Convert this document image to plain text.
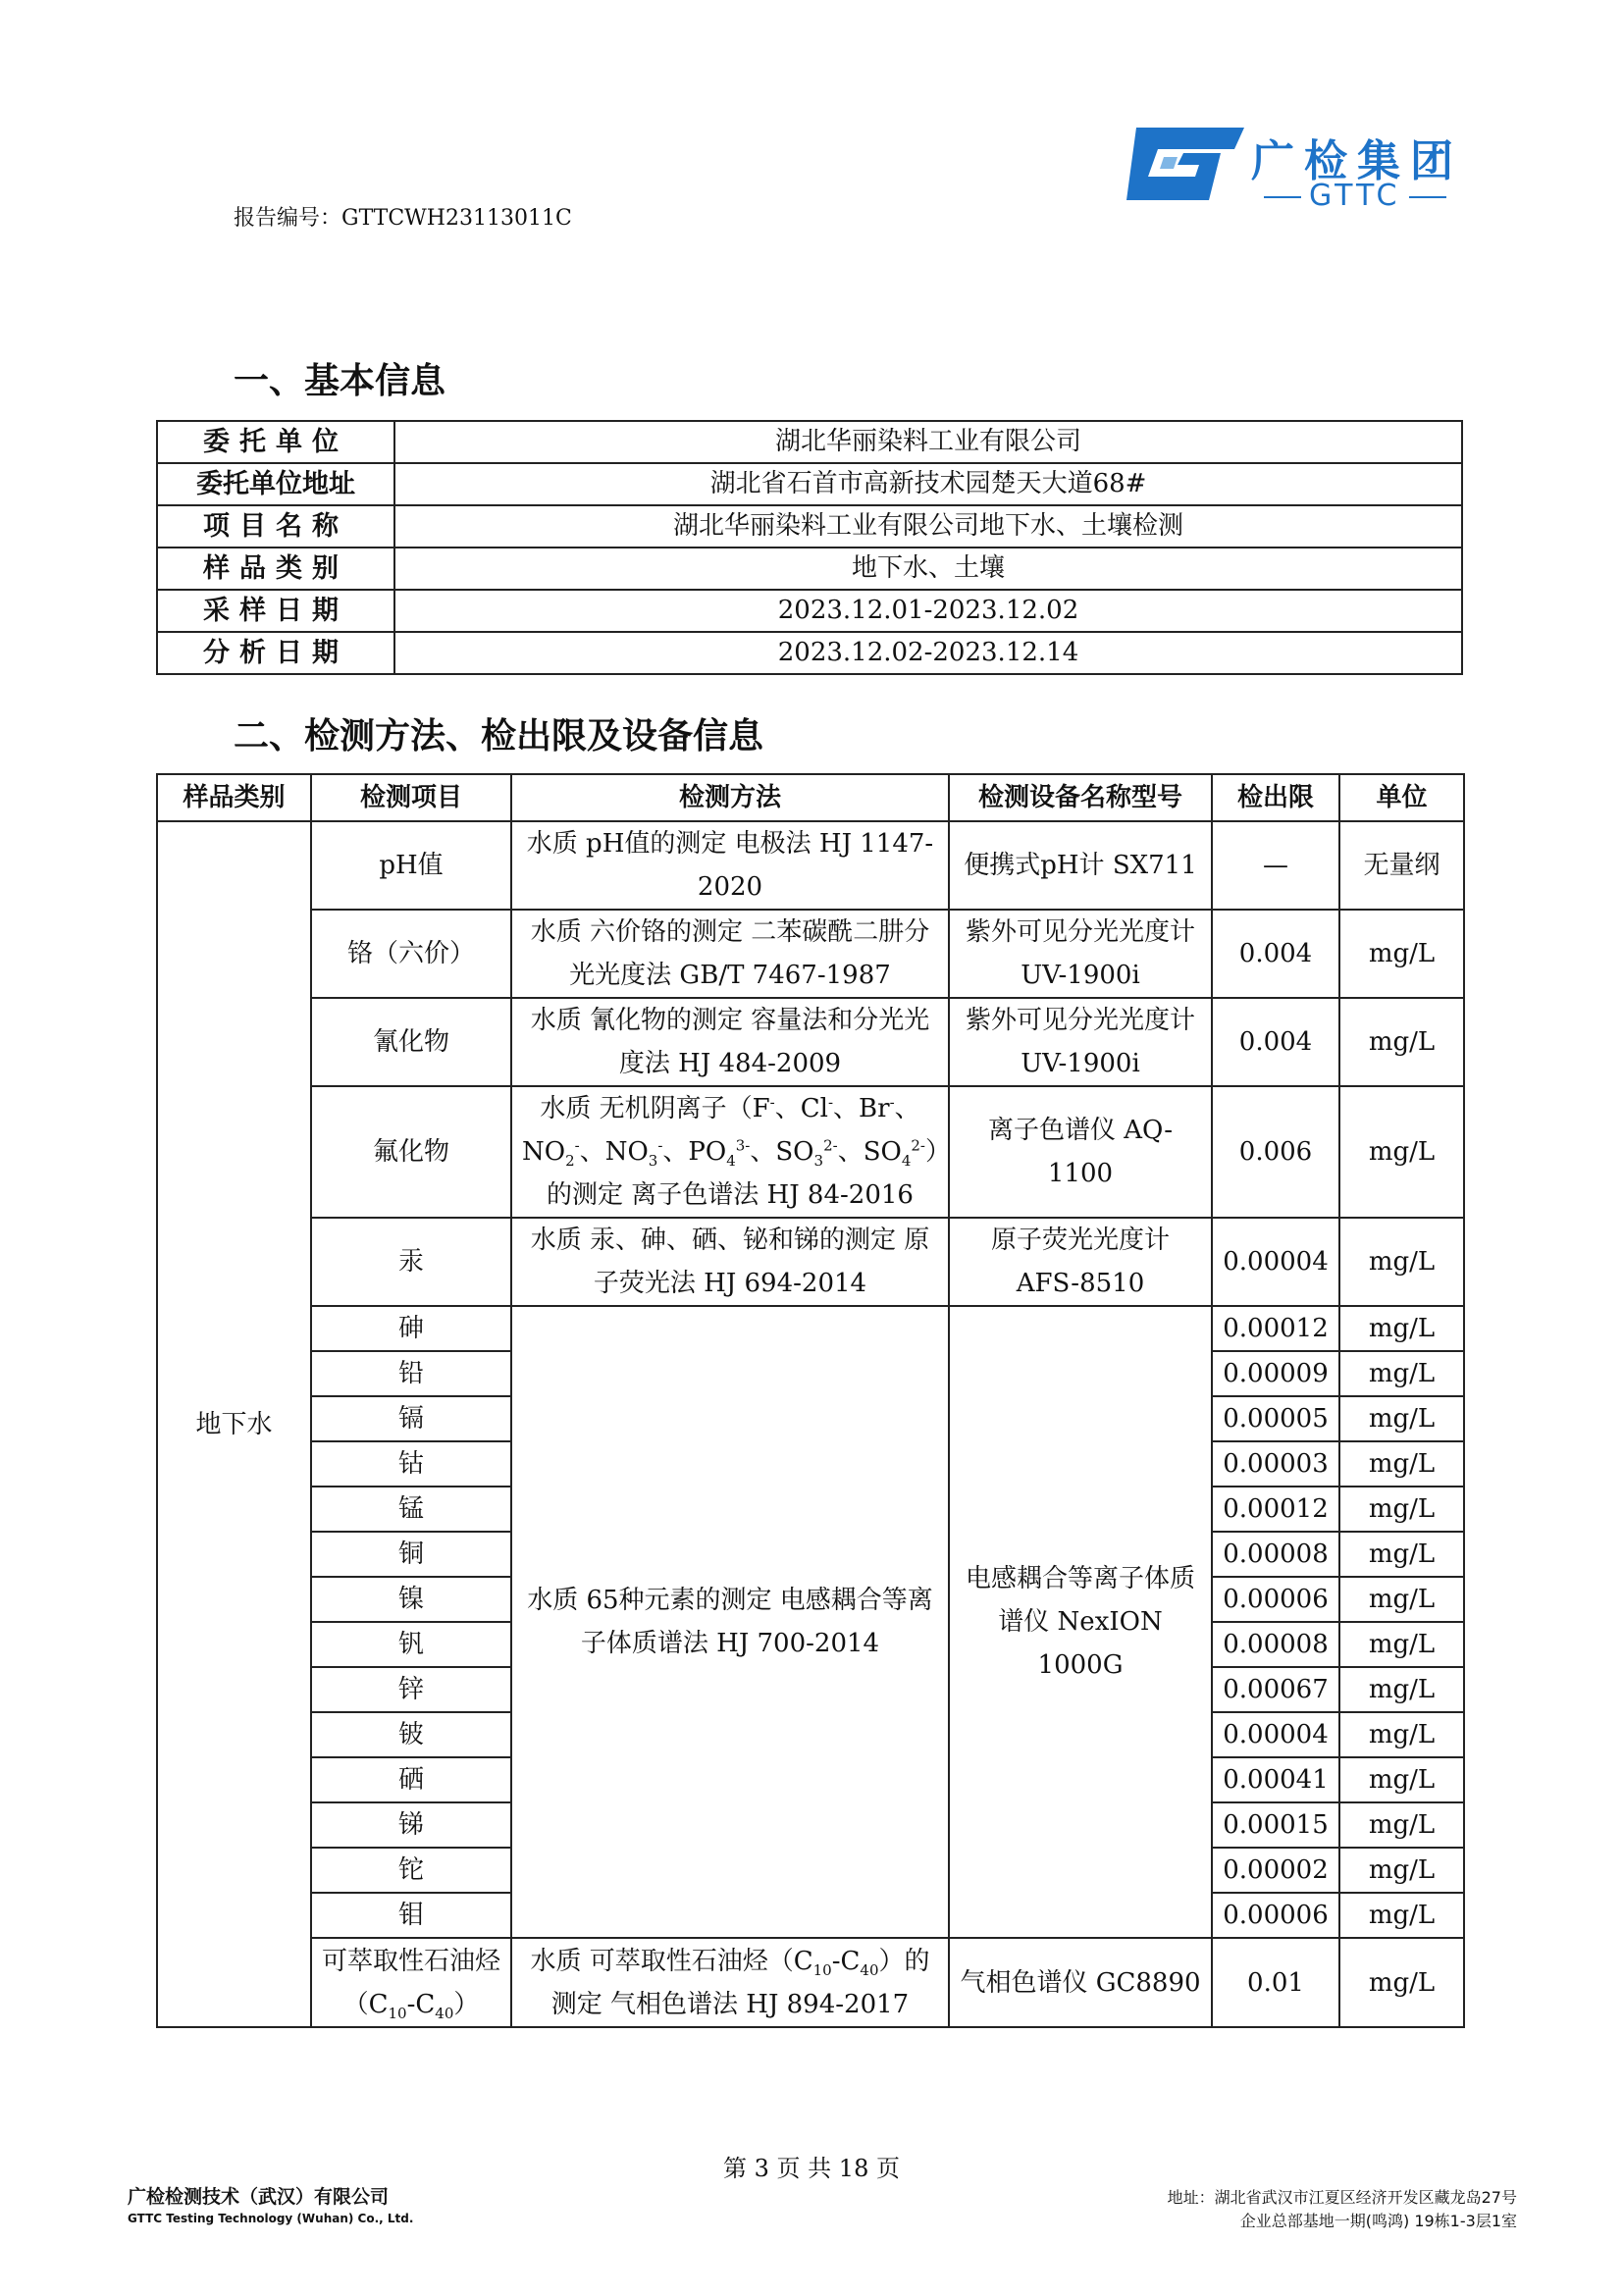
广检集团
GTTC
报告编号：GTTCWH23113011C
一、基本信息
委托单位	湖北华丽染料工业有限公司
委托单位地址	湖北省石首市高新技术园楚天大道68#
项目名称	湖北华丽染料工业有限公司地下水、土壤检测
样品类别	地下水、土壤
采样日期	2023.12.01-2023.12.02
分析日期	2023.12.02-2023.12.14
二、检测方法、检出限及设备信息
样品类别	检测项目	检测方法	检测设备名称型号	检出限	单位
地下水	pH值	水质 pH值的测定 电极法 HJ 1147-2020	便携式pH计 SX711	—	无量纲
	铬（六价）	水质 六价铬的测定 二苯碳酰二肼分光光度法 GB/T 7467-1987	紫外可见分光光度计 UV-1900i	0.004	mg/L
	氰化物	水质 氰化物的测定 容量法和分光光度法 HJ 484-2009	紫外可见分光光度计 UV-1900i	0.004	mg/L
	氟化物	水质 无机阴离子（F-、Cl-、Br-、$NO_2^-$、$NO_3^-$、$PO_4^{3-}$、$SO_3^{2-}$、$SO_4^{2-}$）的测定 离子色谱法 HJ 84-2016	离子色谱仪 AQ-1100	0.006	mg/L
	汞	水质 汞、砷、硒、铋和锑的测定 原子荧光法 HJ 694-2014	原子荧光光度计 AFS-8510	0.00004	mg/L
	砷	水质 65种元素的测定 电感耦合等离子体质谱法 HJ 700-2014	电感耦合等离子体质谱仪 NexION 1000G	0.00012	mg/L
	铅			0.00009	mg/L
	镉			0.00005	mg/L
	钴			0.00003	mg/L
	锰			0.00012	mg/L
	铜			0.00008	mg/L
	镍			0.00006	mg/L
	钒			0.00008	mg/L
	锌			0.00067	mg/L
	铍			0.00004	mg/L
	硒			0.00041	mg/L
	锑			0.00015	mg/L
	铊			0.00002	mg/L
	钼			0.00006	mg/L
	可萃取性石油烃$(C_{10}-C_{40})$	水质 可萃取性石油烃$(C_{10}-C_{40})$的测定 气相色谱法 HJ 894-2017	气相色谱仪 GC8890	0.01	mg/L
第 3 页 共 18 页
广检检测技术（武汉）有限公司
GTTC Testing Technology (Wuhan) Co., Ltd.
地址：湖北省武汉市江夏区经济开发区藏龙岛27号
企业总部基地一期(鸣鸿) 19栋1-3层1室
